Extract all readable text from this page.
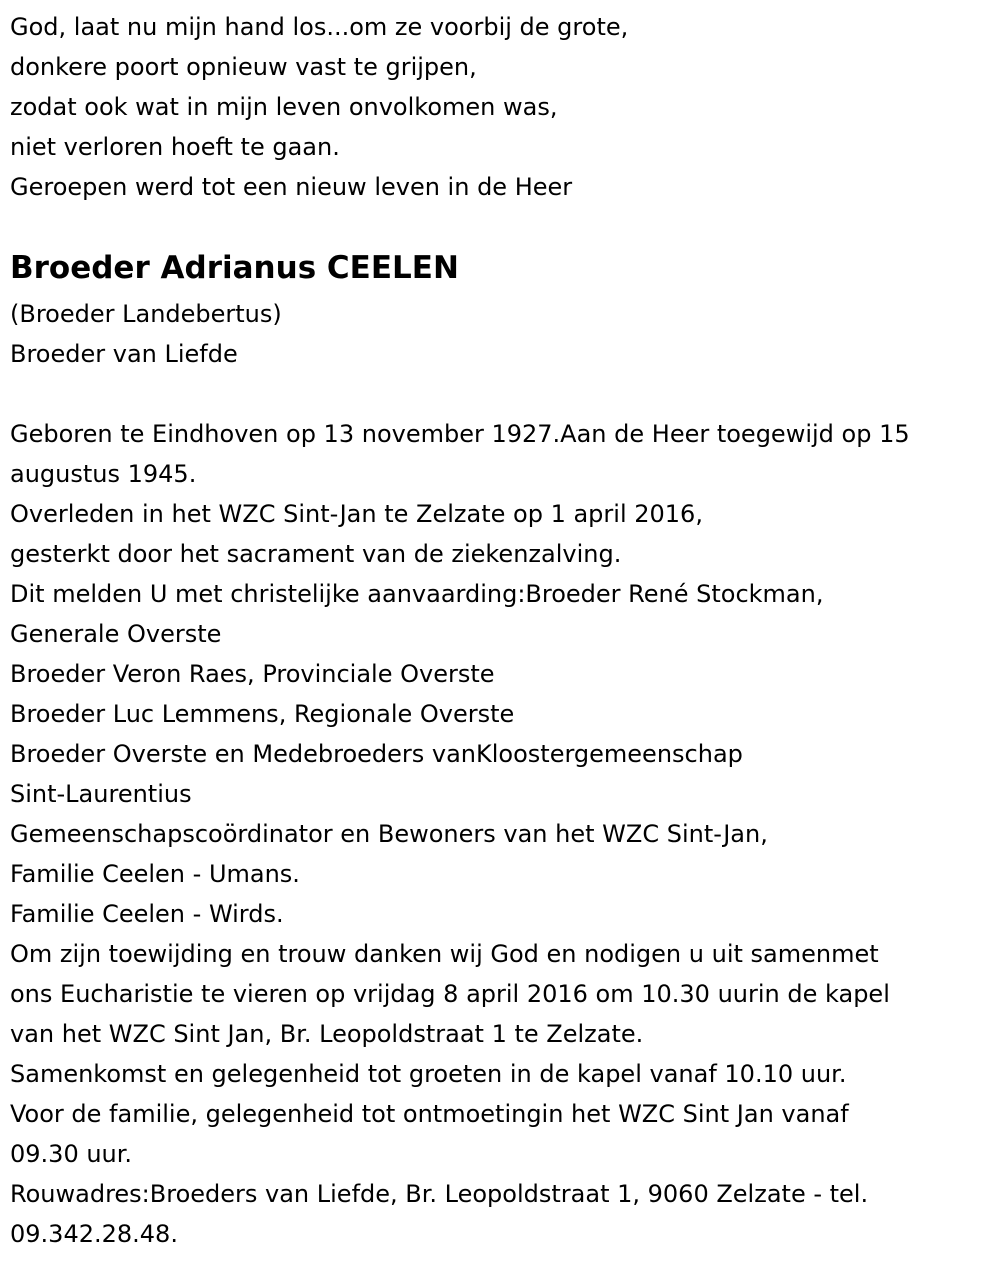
God, laat nu mijn hand los...om ze voorbij de grote,
donkere poort opnieuw vast te grijpen,
zodat ook wat in mijn leven onvolkomen was,
niet verloren hoeft te gaan.
Geroepen werd tot een nieuw leven in de Heer
Broeder Adrianus CEELEN
(Broeder Landebertus)
Broeder van Liefde
Geboren te Eindhoven op 13 november 1927.Aan de Heer toegewijd op 15
augustus 1945.
Overleden in het WZC Sint-Jan te Zelzate op 1 april 2016,
gesterkt door het sacrament van de ziekenzalving.
Dit melden U met christelijke aanvaarding:Broeder René Stockman,
Generale Overste
Broeder Veron Raes, Provinciale Overste
Broeder Luc Lemmens, Regionale Overste
Broeder Overste en Medebroeders vanKloostergemeenschap
Sint-Laurentius
Gemeenschapscoördinator en Bewoners van het WZC Sint-Jan,
Familie Ceelen - Umans.
Familie Ceelen - Wirds.
Om zijn toewijding en trouw danken wij God en nodigen u uit samenmet
ons Eucharistie te vieren op vrijdag 8 april 2016 om 10.30 uurin de kapel
van het WZC Sint Jan, Br. Leopoldstraat 1 te Zelzate.
Samenkomst en gelegenheid tot groeten in de kapel vanaf 10.10 uur.
Voor de familie, gelegenheid tot ontmoetingin het WZC Sint Jan vanaf
09.30 uur.
Rouwadres:Broeders van Liefde, Br. Leopoldstraat 1, 9060 Zelzate - tel.
09.342.28.48.
